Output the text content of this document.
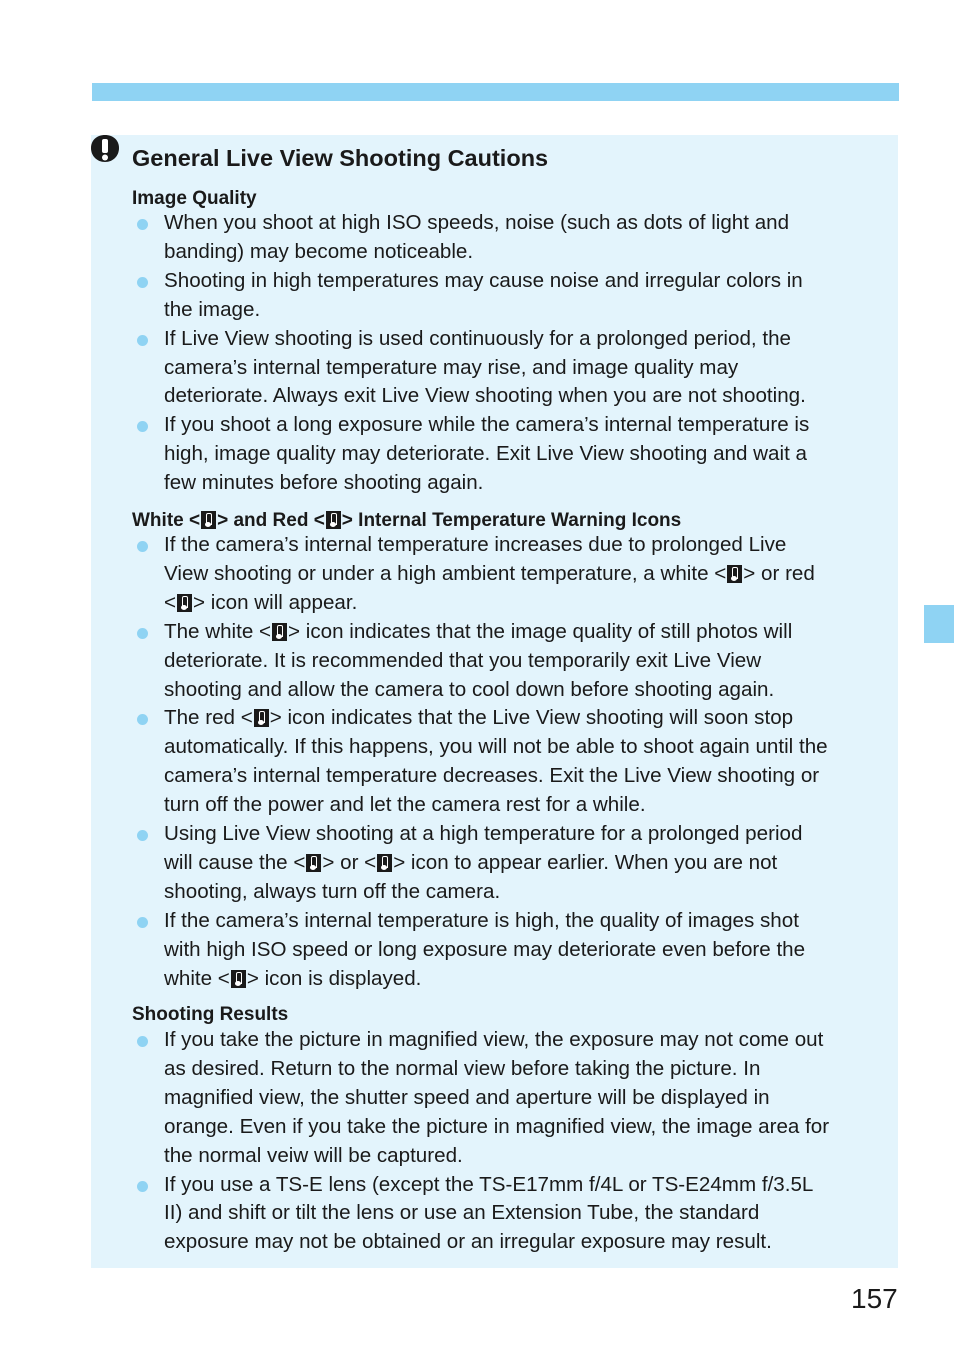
General Live View Shooting Cautions
Image Quality
When you shoot at high ISO speeds, noise (such as dots of light and
banding) may become noticeable.
Shooting in high temperatures may cause noise and irregular colors in
the image.
If Live View shooting is used continuously for a prolonged period, the
camera’s internal temperature may rise, and image quality may
deteriorate. Always exit Live View shooting when you are not shooting.
If you shoot a long exposure while the camera’s internal temperature is
high, image quality may deteriorate. Exit Live View shooting and wait a
few minutes before shooting again.
White < > and Red < > Internal Temperature Warning Icons
If the camera’s internal temperature increases due to prolonged Live
View shooting or under a high ambient temperature, a white < > or red
< > icon will appear.
The white < > icon indicates that the image quality of still photos will
deteriorate. It is recommended that you temporarily exit Live View
shooting and allow the camera to cool down before shooting again.
The red < > icon indicates that the Live View shooting will soon stop
automatically. If this happens, you will not be able to shoot again until the
camera’s internal temperature decreases. Exit the Live View shooting or
turn off the power and let the camera rest for a while.
Using Live View shooting at a high temperature for a prolonged period
will cause the < > or < > icon to appear earlier. When you are not
shooting, always turn off the camera.
If the camera’s internal temperature is high, the quality of images shot
with high ISO speed or long exposure may deteriorate even before the
white < > icon is displayed.
Shooting Results
If you take the picture in magnified view, the exposure may not come out
as desired. Return to the normal view before taking the picture. In
magnified view, the shutter speed and aperture will be displayed in
orange. Even if you take the picture in magnified view, the image area for
the normal veiw will be captured.
If you use a TS-E lens (except the TS-E17mm f/4L or TS-E24mm f/3.5L
II) and shift or tilt the lens or use an Extension Tube, the standard
exposure may not be obtained or an irregular exposure may result.
157
